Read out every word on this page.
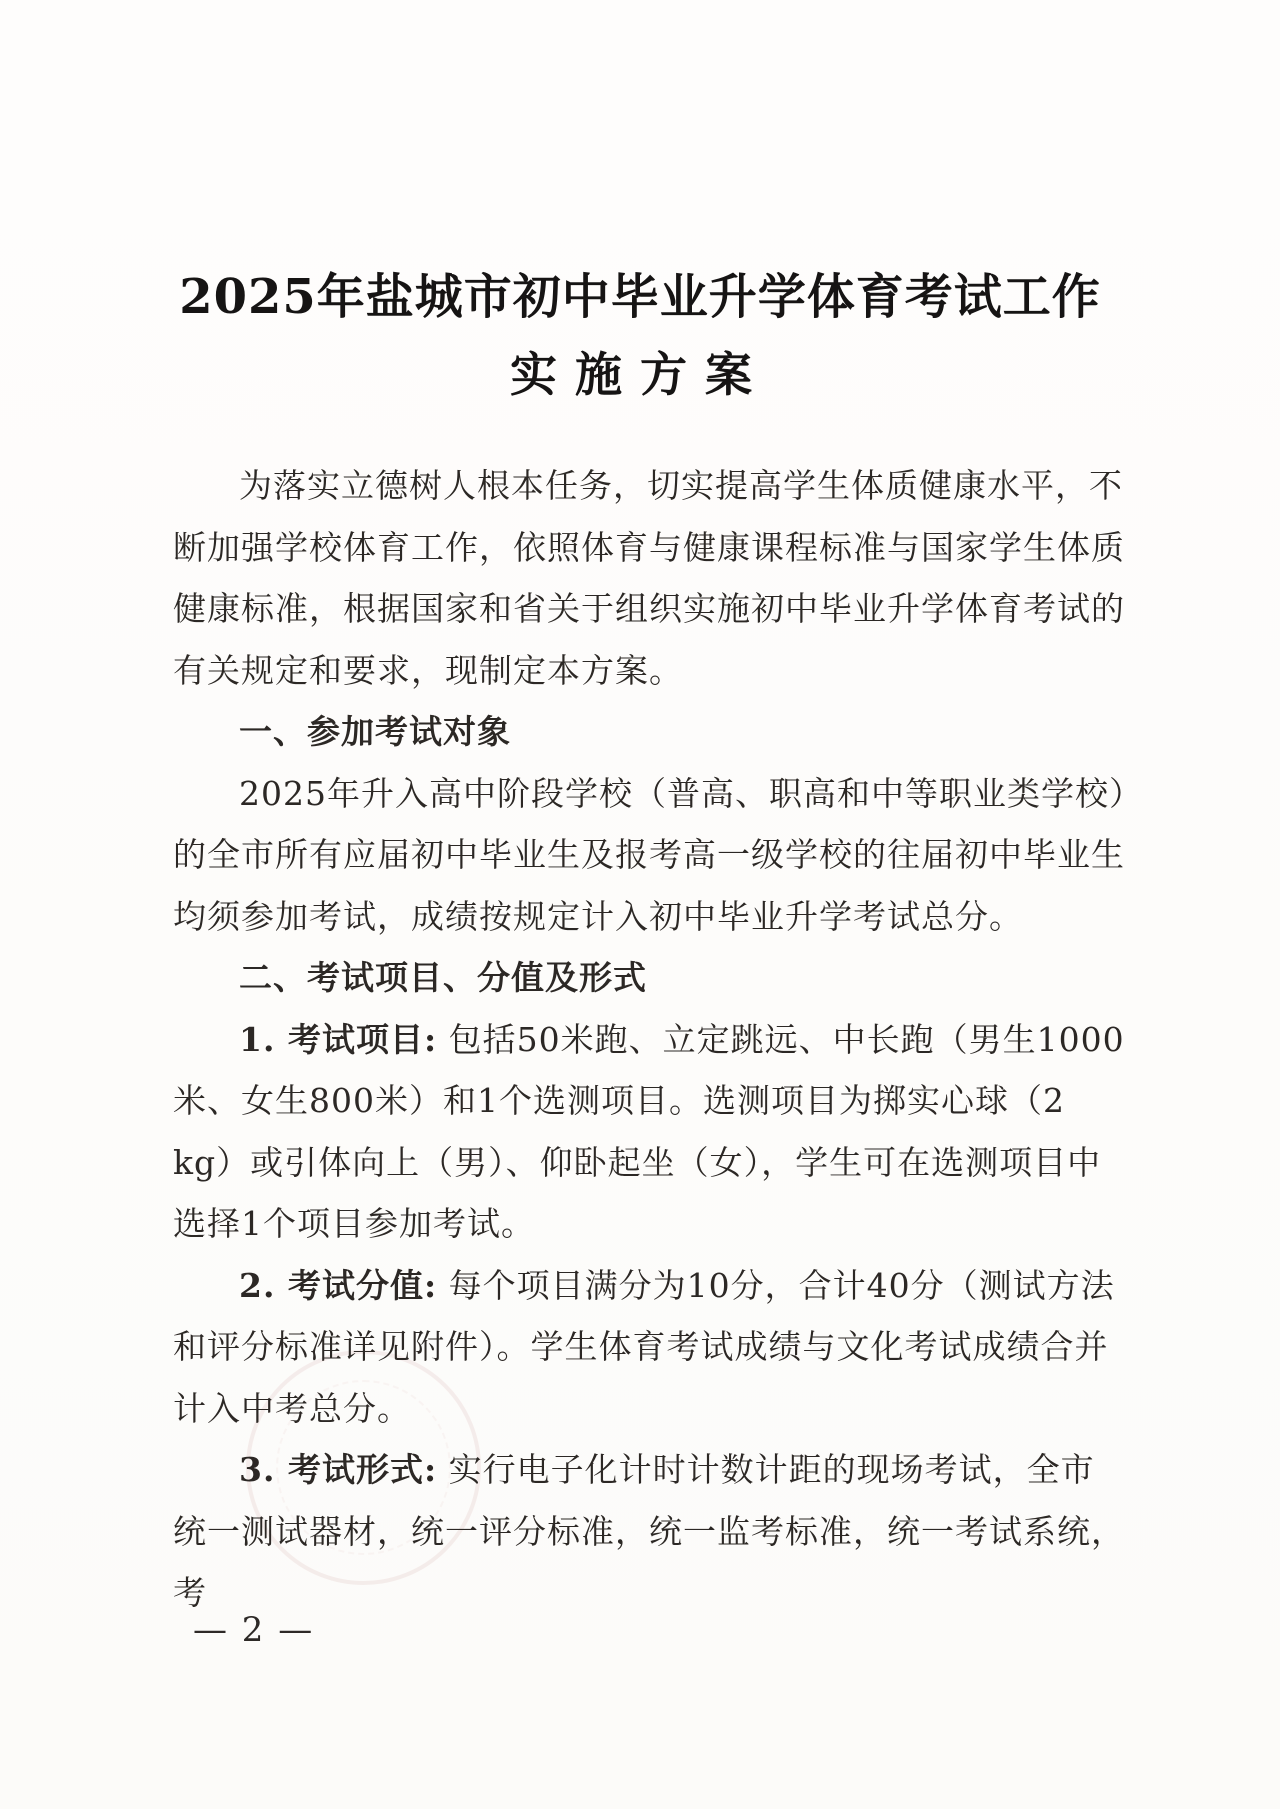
2025年盐城市初中毕业升学体育考试工作
实施方案

为落实立德树人根本任务，切实提高学生体质健康水平，不断加强学校体育工作，依照体育与健康课程标准与国家学生体质健康标准，根据国家和省关于组织实施初中毕业升学体育考试的有关规定和要求，现制定本方案。

一、参加考试对象

2025年升入高中阶段学校（普高、职高和中等职业类学校）的全市所有应届初中毕业生及报考高一级学校的往届初中毕业生均须参加考试，成绩按规定计入初中毕业升学考试总分。

二、考试项目、分值及形式

1. 考试项目: 包括50米跑、立定跳远、中长跑（男生1000米、女生800米）和1个选测项目。选测项目为掷实心球（2 kg）或引体向上（男）、仰卧起坐（女），学生可在选测项目中选择1个项目参加考试。

2. 考试分值: 每个项目满分为10分，合计40分（测试方法和评分标准详见附件）。学生体育考试成绩与文化考试成绩合并计入中考总分。

3. 考试形式: 实行电子化计时计数计距的现场考试，全市统一测试器材，统一评分标准，统一监考标准，统一考试系统，考

— 2 —
